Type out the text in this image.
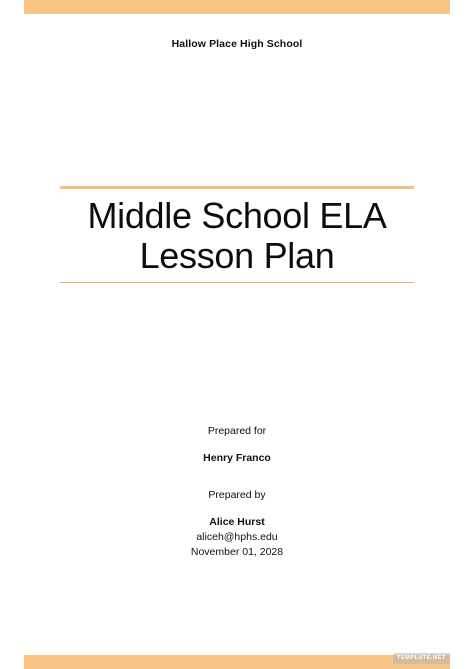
Hallow Place High School
Middle School ELA
Lesson Plan
Prepared for
Henry Franco
Prepared by
Alice Hurst
aliceh@hphs.edu
November 01, 2028
TEMPLATE.NET
